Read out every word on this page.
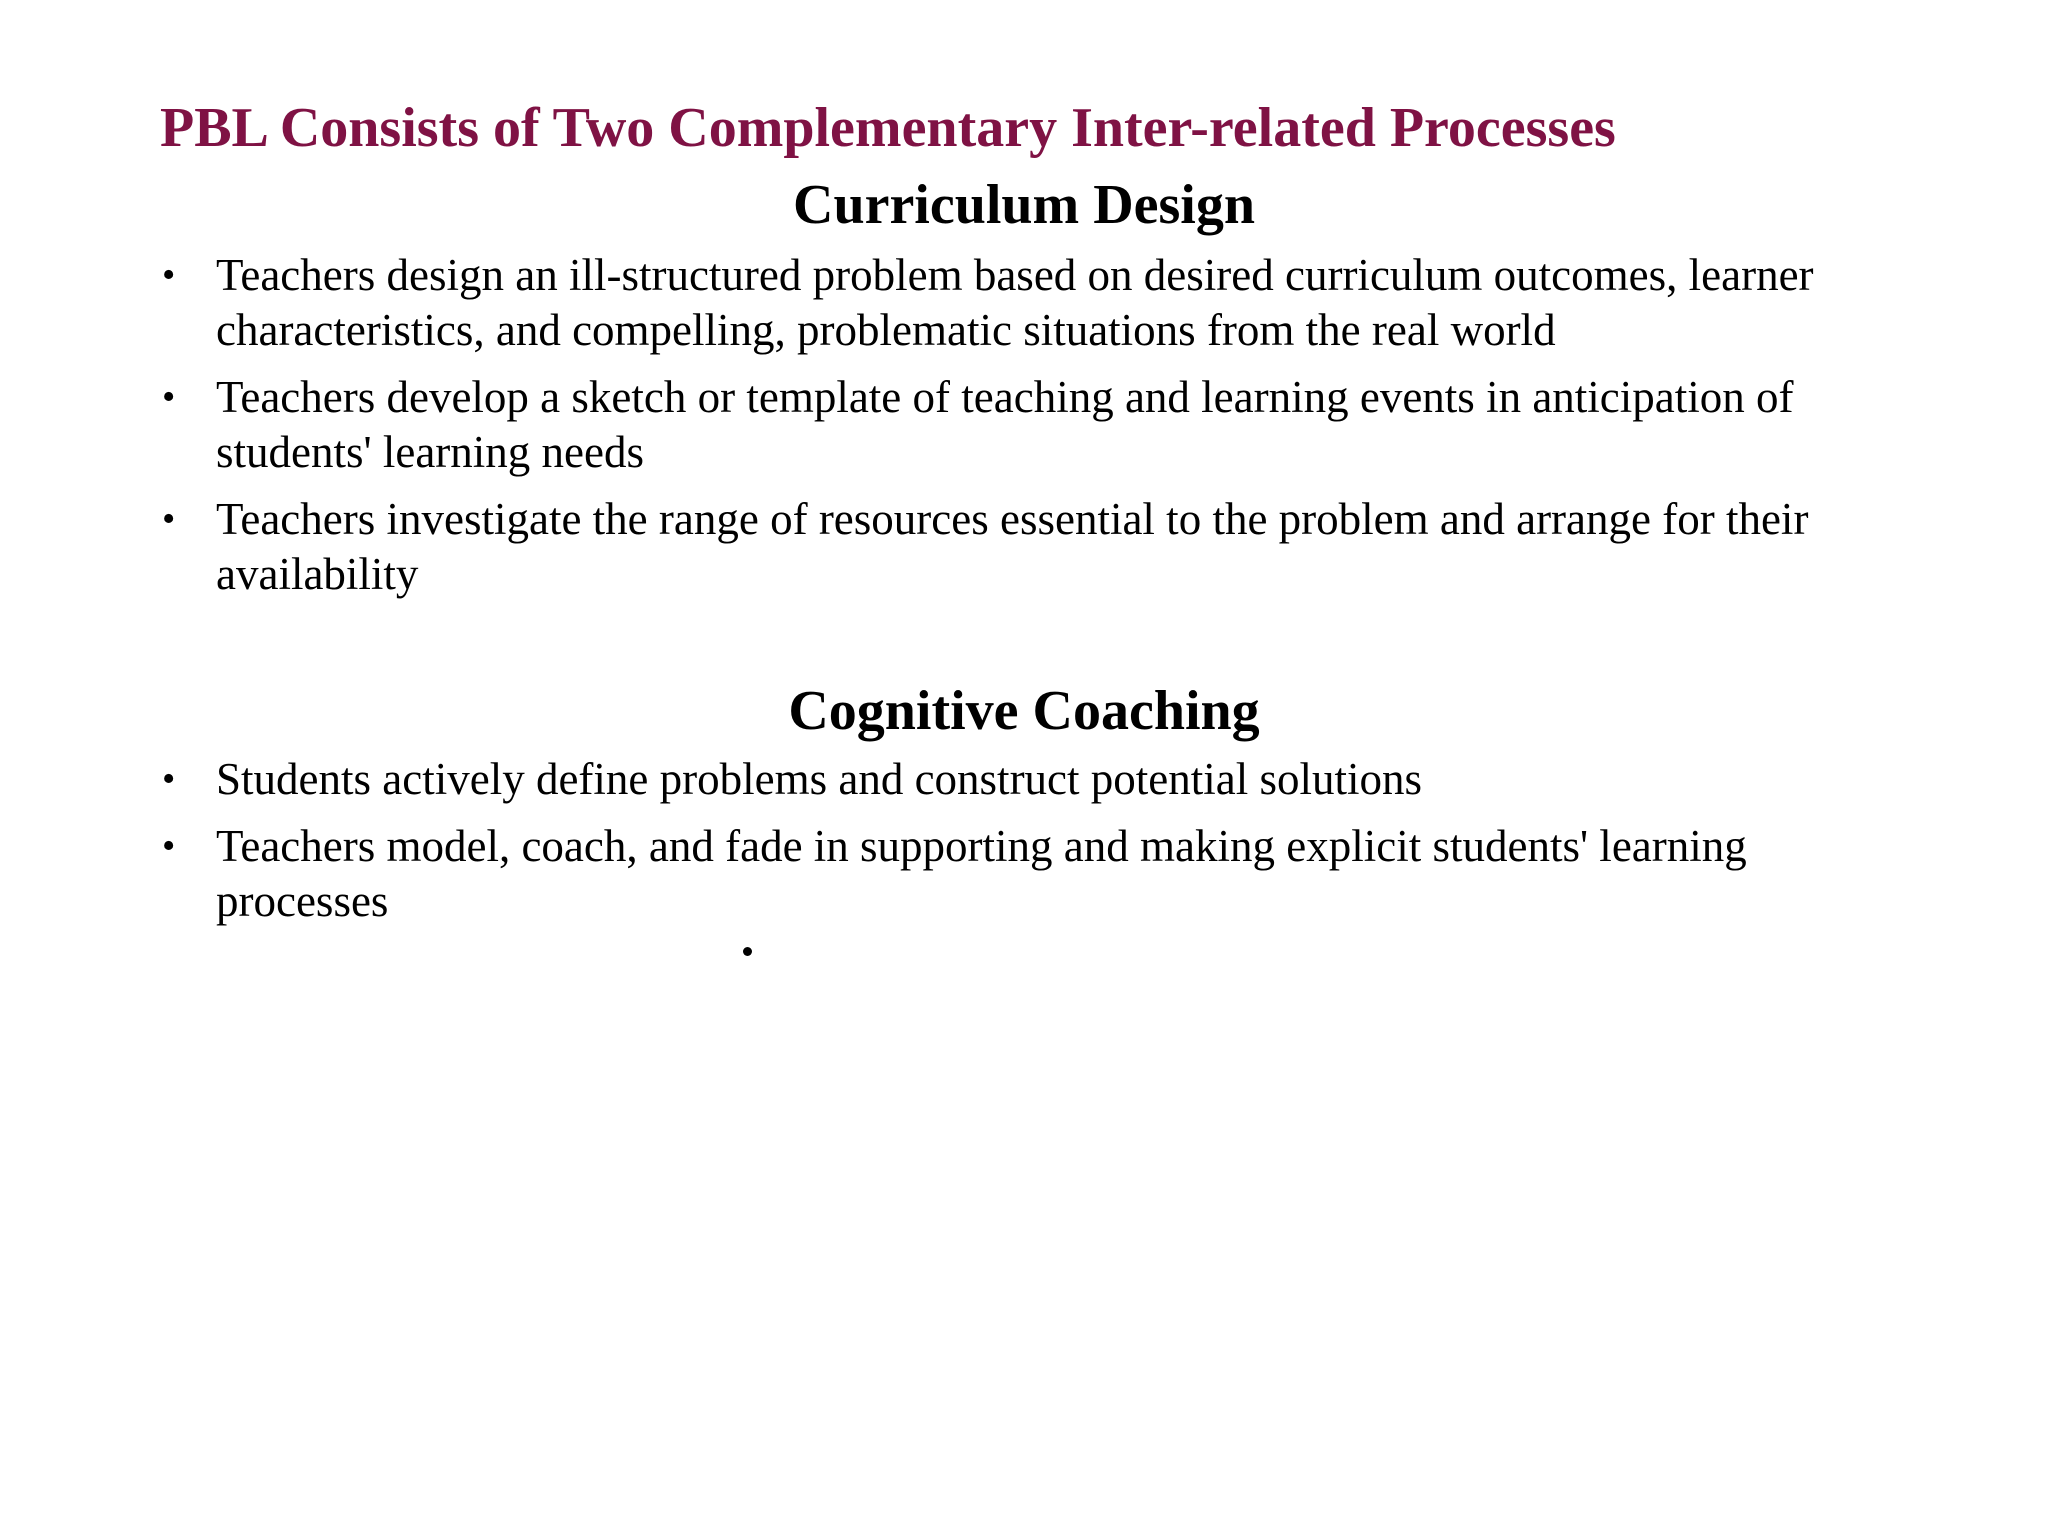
PBL Consists of Two Complementary Inter-related Processes
Curriculum Design
• Teachers design an ill-structured problem based on desired curriculum outcomes, learner characteristics, and compelling, problematic situations from the real world
• Teachers develop a sketch or template of teaching and learning events in anticipation of students' learning needs
• Teachers investigate the range of resources essential to the problem and arrange for their availability
Cognitive Coaching
• Students actively define problems and construct potential solutions
• Teachers model, coach, and fade in supporting and making explicit students' learning processes
